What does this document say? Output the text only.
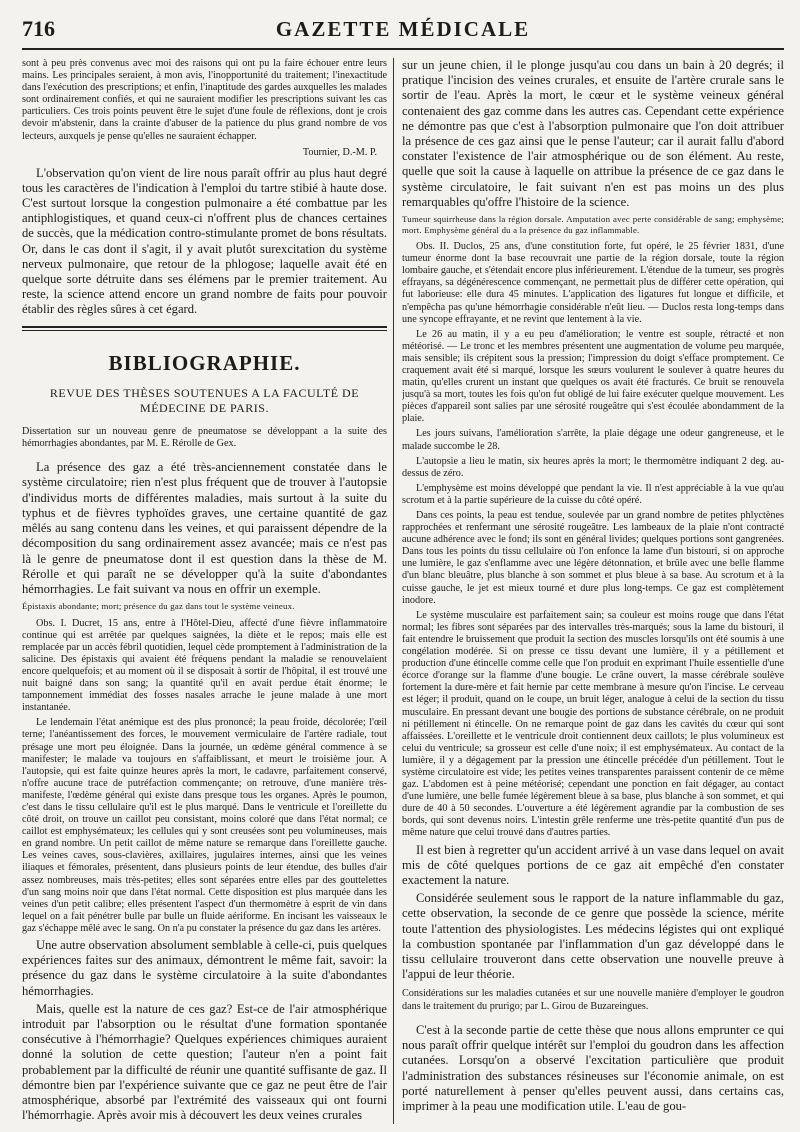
716	GAZETTE MÉDICALE

sont à peu près convenus avec moi des raisons qui ont pu la faire échouer entre leurs mains. Les principales seraient, à mon avis, l'inopportunité du traitement; l'inexactitude dans l'exécution des prescriptions; et enfin, l'inaptitude des gardes auxquelles les malades sont ordinairement confiés, et qui ne sauraient modifier les prescriptions suivant les cas particuliers. Ces trois points peuvent être le sujet d'une foule de réflexions, dont je crois devoir m'abstenir, dans la crainte d'abuser de la patience du plus grand nombre de vos lecteurs, auxquels je pense qu'elles ne sauraient échapper.

Tournier, D.-M. P.

L'observation qu'on vient de lire nous paraît offrir au plus haut degré tous les caractères de l'indication à l'emploi du tartre stibié à haute dose. C'est surtout lorsque la congestion pulmonaire a été combattue par les antiphlogistiques, et quand ceux-ci n'offrent plus de chances certaines de succès, que la médication contro-stimulante promet de bons résultats. Or, dans le cas dont il s'agit, il y avait plutôt surexcitation du système nerveux pulmonaire, que retour de la phlogose; laquelle avait été en quelque sorte détruite dans ses élémens par le premier traitement. Au reste, la science attend encore un grand nombre de faits pour pouvoir établir des règles sûres à cet égard.

BIBLIOGRAPHIE.
REVUE DES THÈSES SOUTENUES A LA FACULTÉ DE MÉDECINE DE PARIS.
Dissertation sur un nouveau genre de pneumatose se développant a la suite des hémorrhagies abondantes, par M. E. Rérolle de Gex.

La présence des gaz a été très-anciennement constatée dans le système circulatoire; rien n'est plus fréquent que de trouver à l'autopsie d'individus morts de différentes maladies, mais surtout à la suite du typhus et de fièvres typhoïdes graves, une certaine quantité de gaz mêlés au sang contenu dans les veines, et qui paraissent dépendre de la décomposition du sang ordinairement assez avancée; mais ce n'est pas là le genre de pneumatose dont il est question dans la thèse de M. Rérolle et qui paraît ne se développer qu'à la suite d'abondantes hémorrhagies. Le fait suivant va nous en offrir un exemple.

Épistaxis abondante; mort; présence du gaz dans tout le système veineux.

Obs. I. Ducret, 15 ans, entre à l'Hôtel-Dieu, affecté d'une fièvre inflammatoire continue qui est arrêtée par quelques saignées, la diète et le repos; mais elle est remplacée par un accès fébril quotidien, lequel cède promptement à l'administration de la salicine. Des épistaxis qui avaient été fréquens pendant la maladie se renouvelaient encore quelquefois; et au moment où il se disposait à sortir de l'hôpital, il est trouvé une nuit baigné dans son sang; la quantité qu'il en avait perdue était énorme; le tamponnement immédiat des fosses nasales arrache le jeune malade à une mort instantanée.

Le lendemain l'état anémique est des plus prononcé; la peau froide, décolorée; l'œil terne; l'anéantissement des forces, le mouvement vermiculaire de l'artère radiale, tout présage une mort peu éloignée. Dans la journée, un œdème général commence à se manifester; le malade va toujours en s'affaiblissant, et meurt le troisième jour. A l'autopsie, qui est faite quinze heures après la mort, le cadavre, parfaitement conservé, n'offre aucune trace de putréfaction commençante; on retrouve, d'une manière très-manifeste, l'œdème général qui existe dans presque tous les organes. Après le poumon, c'est dans le tissu cellulaire qu'il est le plus marqué. Dans le ventricule et l'oreillette du côté droit, on trouve un caillot peu consistant, moins coloré que dans l'état normal; ce caillot est emphysémateux; les cellules qui y sont creusées sont peu volumineuses, mais en grand nombre. Un petit caillot de même nature se remarque dans l'oreillette gauche. Les veines caves, sous-clavières, axillaires, jugulaires internes, ainsi que les veines iliaques et fémorales, présentent, dans plusieurs points de leur étendue, des bulles d'air assez nombreuses, mais très-petites; elles sont séparées entre elles par des gouttelettes d'un sang moins noir que dans l'état normal. Cette disposition est plus marquée dans les veines d'un petit calibre; elles présentent l'aspect d'un thermomètre à esprit de vin dans lequel on a fait pénétrer bulle par bulle un fluide aériforme. En incisant les vaisseaux le gaz s'échappe mêlé avec le sang. On n'a pu constater la présence du gaz dans les artères.

Une autre observation absolument semblable à celle-ci, puis quelques expériences faites sur des animaux, démontrent le même fait, savoir: la présence du gaz dans le système circulatoire à la suite d'abondantes hémorrhagies.

Mais, quelle est la nature de ces gaz? Est-ce de l'air atmosphérique introduit par l'absorption ou le résultat d'une formation spontanée consécutive à l'hémorrhagie? Quelques expériences chimiques auraient donné la solution de cette question; l'auteur n'en a point fait probablement par la difficulté de réunir une quantité suffisante de gaz. Il démontre bien par l'expérience suivante que ce gaz ne peut être de l'air atmosphérique, absorbé par l'extrémité des vaisseaux qui ont fourni l'hémorrhagie. Après avoir mis à découvert les deux veines crurales

sur un jeune chien, il le plonge jusqu'au cou dans un bain à 20 degrés; il pratique l'incision des veines crurales, et ensuite de l'artère crurale sans le sortir de l'eau. Après la mort, le cœur et le système veineux général contenaient des gaz comme dans les autres cas. Cependant cette expérience ne démontre pas que c'est à l'absorption pulmonaire que l'on doit attribuer la présence de ces gaz ainsi que le pense l'auteur; car il aurait fallu d'abord constater l'existence de l'air atmosphérique ou de son élément. Au reste, quelle que soit la cause à laquelle on attribue la présence de ce gaz dans le système circulatoire, le fait suivant n'en est pas moins un des plus remarquables qu'offre l'histoire de la science.

Tumeur squirrheuse dans la région dorsale. Amputation avec perte considérable de sang; emphysème; mort. Emphysème général du a la présence du gaz inflammable.

Obs. II. Duclos, 25 ans, d'une constitution forte, fut opéré, le 25 février 1831, d'une tumeur énorme dont la base recouvrait une partie de la région dorsale, toute la région lombaire gauche, et s'étendait encore plus inférieurement. L'étendue de la tumeur, ses progrès effrayans, sa dégénérescence commençant, ne permettait plus de différer cette opération, qui fut laborieuse: elle dura 45 minutes. L'application des ligatures fut longue et difficile, et n'empêcha pas qu'une hémorrhagie considérable n'eût lieu. — Duclos resta long-temps dans une syncope effrayante, et ne revint que lentement à la vie.

Le 26 au matin, il y a eu peu d'amélioration; le ventre est souple, rétracté et non météorisé. — Le tronc et les membres présentent une augmentation de volume peu marquée, mais sensible; ils crépitent sous la pression; l'impression du doigt s'efface promptement. Ce craquement avait été si marqué, lorsque les sœurs voulurent le soulever à quatre heures du matin, qu'elles crurent un instant que quelques os avait été fracturés. Ce bruit se renouvela jusqu'à sa mort, toutes les fois qu'on fut obligé de lui faire exécuter quelque mouvement. Les pièces d'appareil sont salies par une sérosité rougeâtre qui s'est écoulée abondamment de la plaie.

Les jours suivans, l'amélioration s'arrête, la plaie dégage une odeur gangreneuse, et le malade succombe le 28.

L'autopsie a lieu le matin, six heures après la mort; le thermomètre indiquant 2 deg. au-dessus de zéro.

L'emphysème est moins développé que pendant la vie. Il n'est appréciable à la vue qu'au scrotum et à la partie supérieure de la cuisse du côté opéré.

Dans ces points, la peau est tendue, soulevée par un grand nombre de petites phlyctènes rapprochées et renfermant une sérosité rougeâtre. Les lambeaux de la plaie n'ont contracté aucune adhérence avec le fond; ils sont en général livides; quelques portions sont gangrenées. Dans tous les points du tissu cellulaire où l'on enfonce la lame d'un bistouri, si on approche une lumière, le gaz s'enflamme avec une légère détonnation, et brûle avec une belle flamme d'un blanc bleuâtre, plus blanche à son sommet et plus bleue à sa base. Au scrotum et à la cuisse gauche, le jet est mieux tourné et dure plus long-temps. Ce gaz est complètement inodore.

Le système musculaire est parfaitement sain; sa couleur est moins rouge que dans l'état normal; les fibres sont séparées par des intervalles très-marqués; sous la lame du bistouri, il fait entendre le bruissement que produit la section des muscles lorsqu'ils ont été soumis à une congélation modérée. Si on presse ce tissu devant une lumière, il y a pétillement et production d'une étincelle comme celle que l'on produit en exprimant l'huile essentielle d'une écorce d'orange sur la flamme d'une bougie. Le crâne ouvert, la masse cérébrale soulève fortement la dure-mère et fait hernie par cette membrane à mesure qu'on l'incise. Le cerveau est léger; il produit, quand on le coupe, un bruit léger, analogue à celui de la section du tissu musculaire. En pressant devant une bougie des portions de substance cérébrale, on ne produit ni pétillement ni étincelle. On ne remarque point de gaz dans les cavités du cœur qui sont affaissées. L'oreillette et le ventricule droit contiennent deux caillots; le plus volumineux est celui du ventricule; sa grosseur est celle d'une noix; il est emphysémateux. Au contact de la lumière, il y a dégagement par la pression une étincelle précédée d'un pétillement. Tout le système circulatoire est vide; les petites veines transparentes paraissent contenir de ce même gaz. L'abdomen est à peine météorisé; cependant une ponction en fait dégager, au contact d'une lumière, une belle fumée légèrement bleue à sa base, plus blanche à son sommet, et qui dure de 40 à 50 secondes. L'ouverture a été légèrement agrandie par la combustion de ses bords, qui sont devenus noirs. L'intestin grêle renferme une très-petite quantité d'un pus de même nature que celui trouvé dans d'autres parties.

Il est bien à regretter qu'un accident arrivé à un vase dans lequel on avait mis de côté quelques portions de ce gaz ait empêché d'en constater exactement la nature.

Considérée seulement sous le rapport de la nature inflammable du gaz, cette observation, la seconde de ce genre que possède la science, mérite toute l'attention des physiologistes. Les médecins légistes qui ont expliqué la combustion spontanée par l'inflammation d'un gaz développé dans le tissu cellulaire trouveront dans cette observation une nouvelle preuve à l'appui de leur théorie.

Considérations sur les maladies cutanées et sur une nouvelle manière d'employer le goudron dans le traitement du prurigo; par L. Girou de Buzareingues.

C'est à la seconde partie de cette thèse que nous allons emprunter ce qui nous paraît offrir quelque intérêt sur l'emploi du goudron dans les affection cutanées. Lorsqu'on a observé l'excitation particulière que produit l'administration des substances résineuses sur l'économie animale, on est porté naturellement à penser qu'elles peuvent aussi, dans certains cas, imprimer à la peau une modification utile. L'eau de gou-
